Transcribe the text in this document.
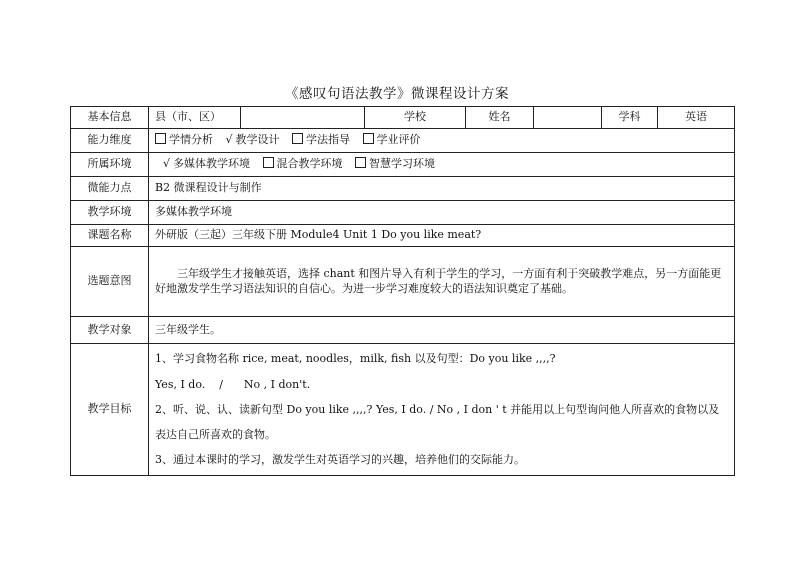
《感叹句语法教学》微课程设计方案
基本信息	县（市、区）		学校	姓名		学科	英语
能力维度	学情分析 √ 教学设计 学法指导 学业评价						
所属环境	√ 多媒体教学环境 混合教学环境 智慧学习环境						
微能力点	B2 微课程设计与制作						
教学环境	多媒体教学环境						
课题名称	外研版（三起）三年级下册 Module4 Unit 1 Do you like meat?						
选题意图	三年级学生才接触英语，选择 chant 和图片导入有利于学生的学习，一方面有利于突破教学难点，另一方面能更好地激发学生学习语法知识的自信心。为进一步学习难度较大的语法知识奠定了基础。						
教学对象	三年级学生。						
教学目标	1、学习食物名称 rice, meat, noodles，milk, fish 以及句型：Do you like ,,,,?

Yes, I do.    /      No , I don't.

2、听、说、认、读新句型 Do you like ,,,,? Yes, I do. / No , I don ' t 并能用以上句型询问他人所喜欢的食物以及表达自己所喜欢的食物。

3、通过本课时的学习，激发学生对英语学习的兴趣，培养他们的交际能力。						
